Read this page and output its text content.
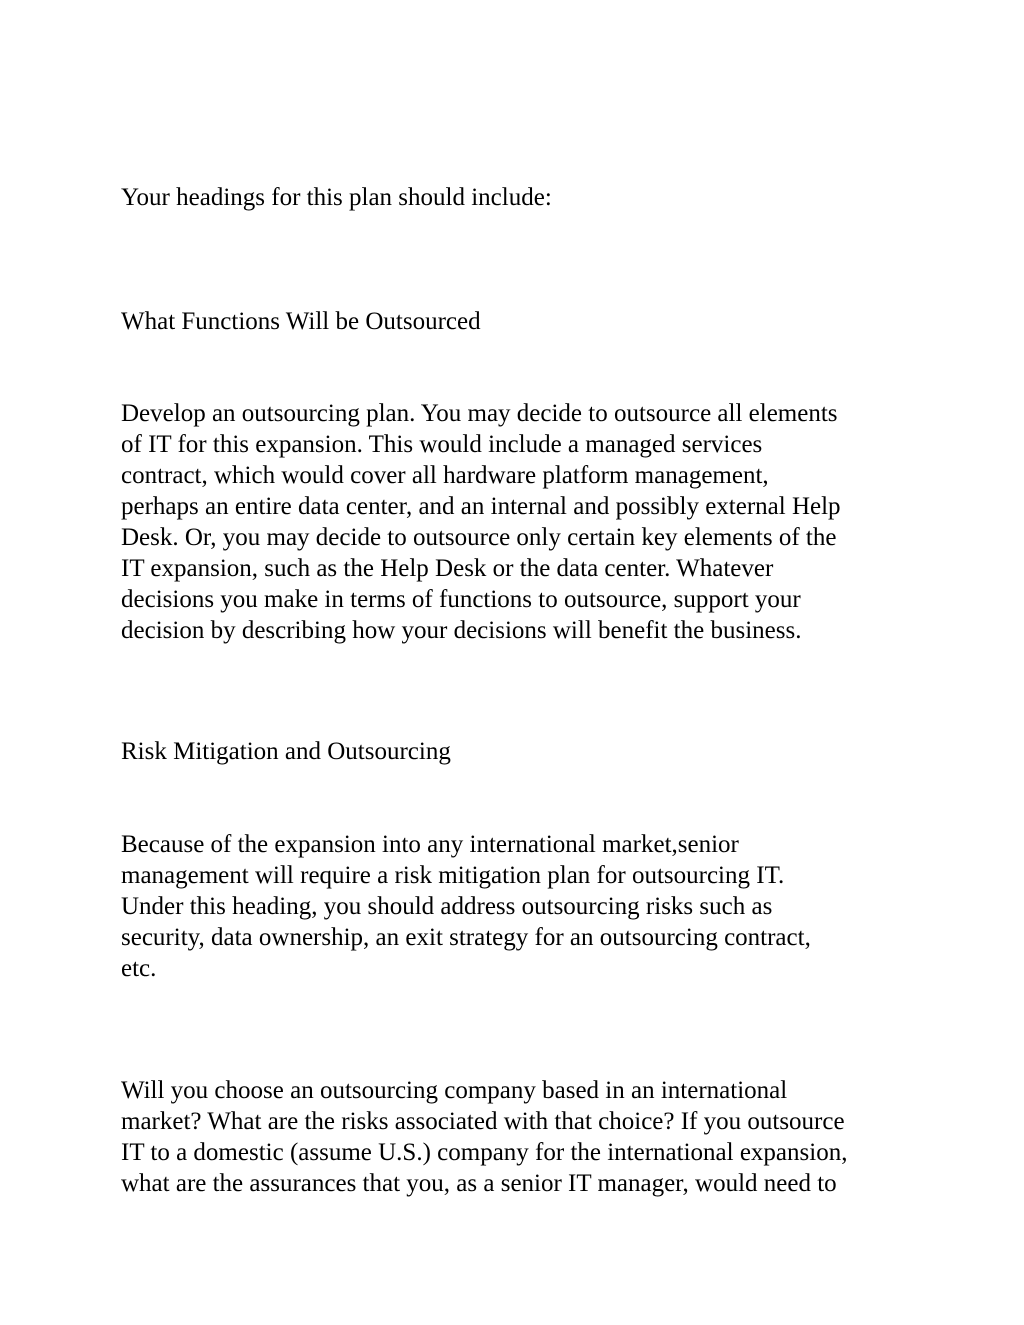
Your headings for this plan should include:

What Functions Will be Outsourced

Develop an outsourcing plan. You may decide to outsource all elements
of IT for this expansion. This would include a managed services
contract, which would cover all hardware platform management,
perhaps an entire data center, and an internal and possibly external Help
Desk. Or, you may decide to outsource only certain key elements of the
IT expansion, such as the Help Desk or the data center. Whatever
decisions you make in terms of functions to outsource, support your
decision by describing how your decisions will benefit the business.

Risk Mitigation and Outsourcing

Because of the expansion into any international market,senior
management will require a risk mitigation plan for outsourcing IT.
Under this heading, you should address outsourcing risks such as
security, data ownership, an exit strategy for an outsourcing contract,
etc.
Will you choose an outsourcing company based in an international
market? What are the risks associated with that choice? If you outsource
IT to a domestic (assume U.S.) company for the international expansion,
what are the assurances that you, as a senior IT manager, would need to
